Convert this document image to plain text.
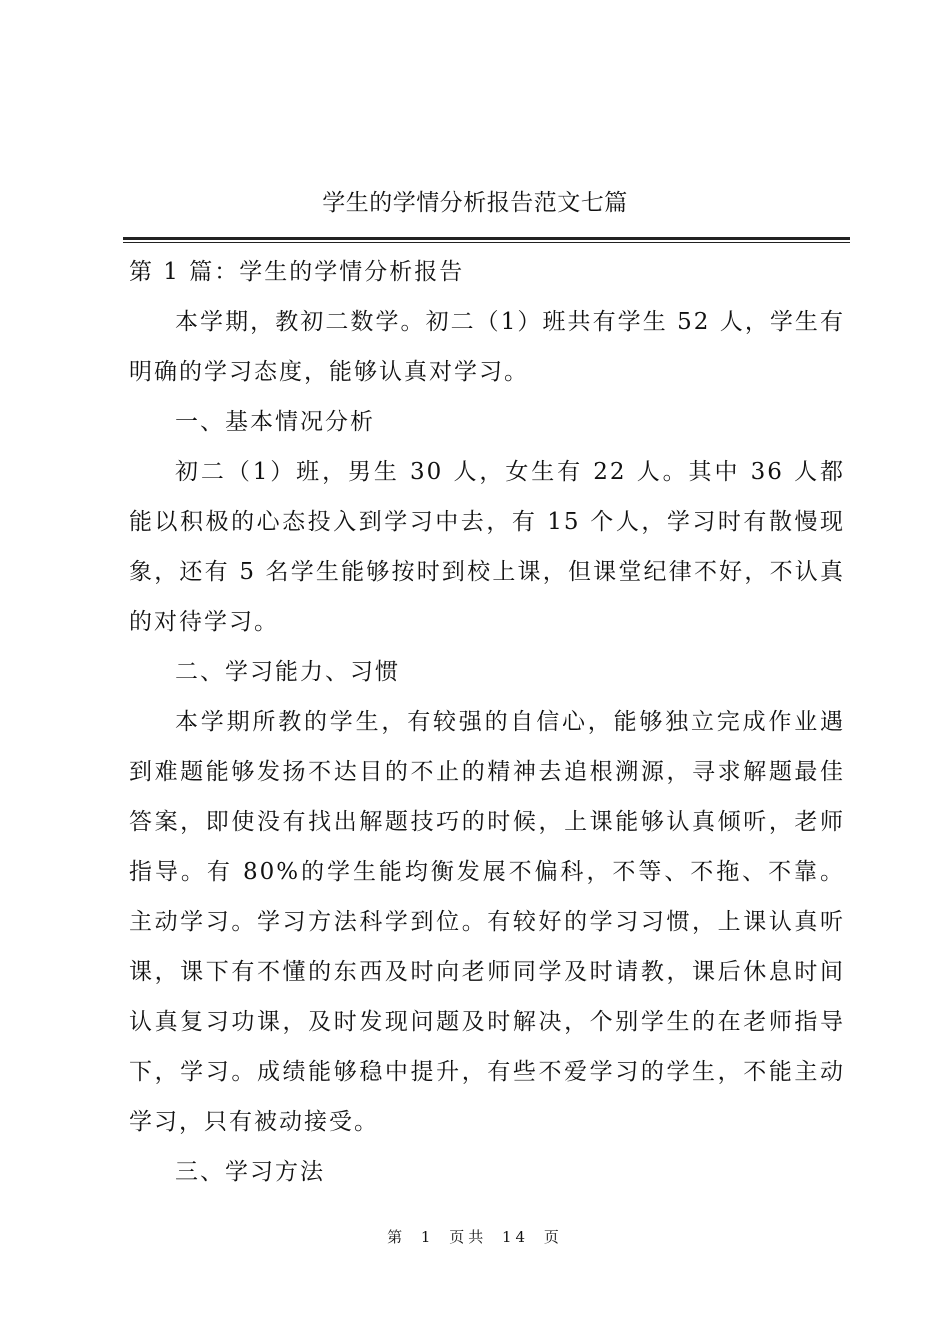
学生的学情分析报告范文七篇

第 1 篇：学生的学情分析报告

本学期，教初二数学。初二（1）班共有学生 52 人，学生有明确的学习态度，能够认真对学习。

一、基本情况分析

初二（1）班，男生 30 人，女生有 22 人。其中 36 人都能以积极的心态投入到学习中去，有 15 个人，学习时有散慢现象，还有 5 名学生能够按时到校上课，但课堂纪律不好，不认真的对待学习。

二、学习能力、习惯

本学期所教的学生，有较强的自信心，能够独立完成作业遇到难题能够发扬不达目的不止的精神去追根溯源，寻求解题最佳答案，即使没有找出解题技巧的时候，上课能够认真倾听，老师指导。有 80%的学生能均衡发展不偏科，不等、不拖、不靠。主动学习。学习方法科学到位。有较好的学习习惯，上课认真听课，课下有不懂的东西及时向老师同学及时请教，课后休息时间认真复习功课，及时发现问题及时解决，个别学生的在老师指导下，学习。成绩能够稳中提升，有些不爱学习的学生，不能主动学习，只有被动接受。

三、学习方法

第 1 页共 14 页
